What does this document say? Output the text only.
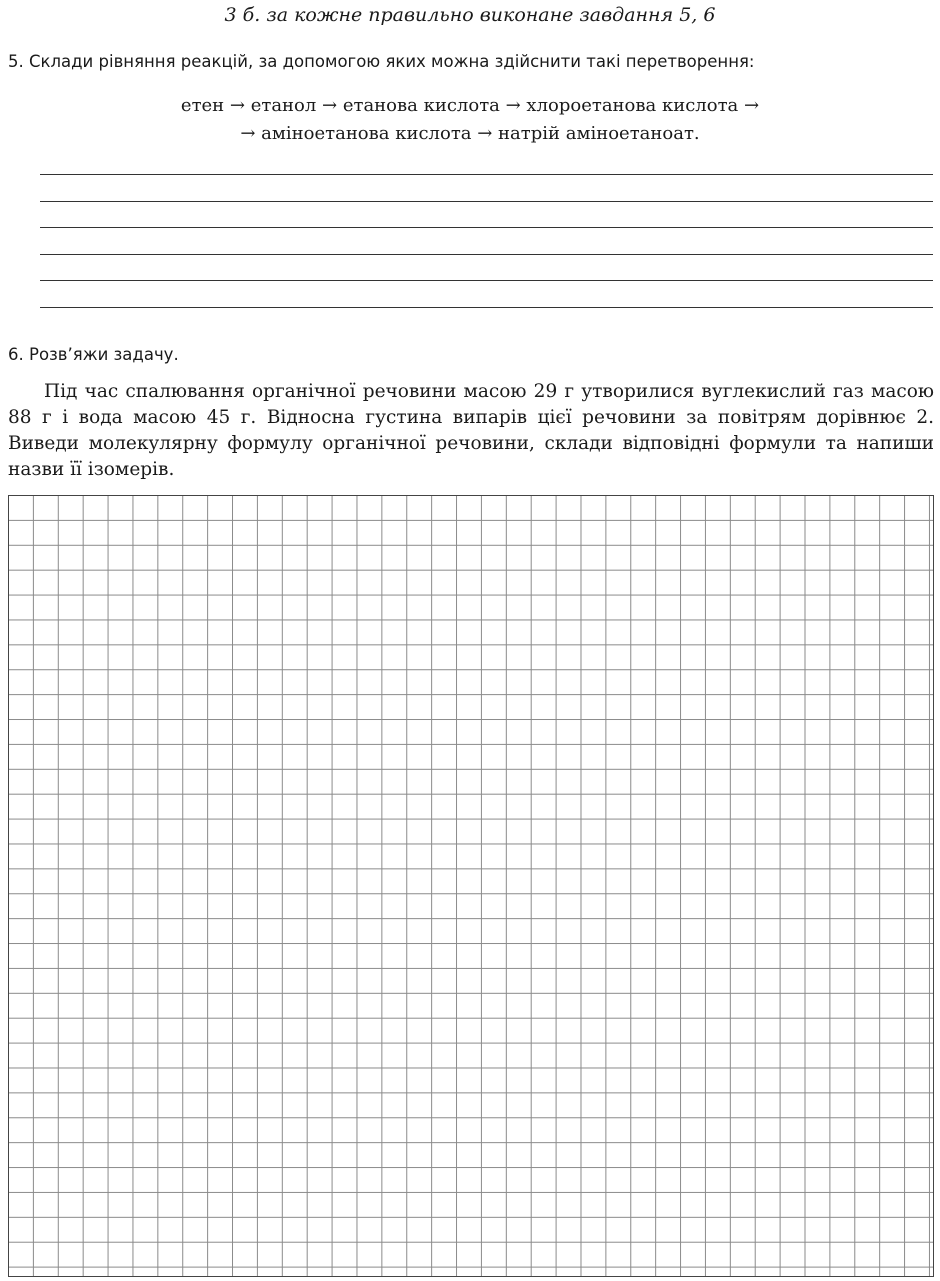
3 б. за кожне правильно виконане завдання 5, 6
5. Склади рівняння реакцій, за допомогою яких можна здійснити такі перетворення:
етен → етанол → етанова кислота → хлороетанова кислота →
→ аміноетанова кислота → натрій аміноетаноат.
6. Розв’яжи задачу.
Під час спалювання органічної речовини масою 29 г утворилися вуглекислий газ масою 88 г і вода масою 45 г. Відносна густина випарів цієї речовини за повітрям дорівнює 2. Виведи молекулярну формулу органічної речовини, склади відповідні формули та напиши назви її ізомерів.
